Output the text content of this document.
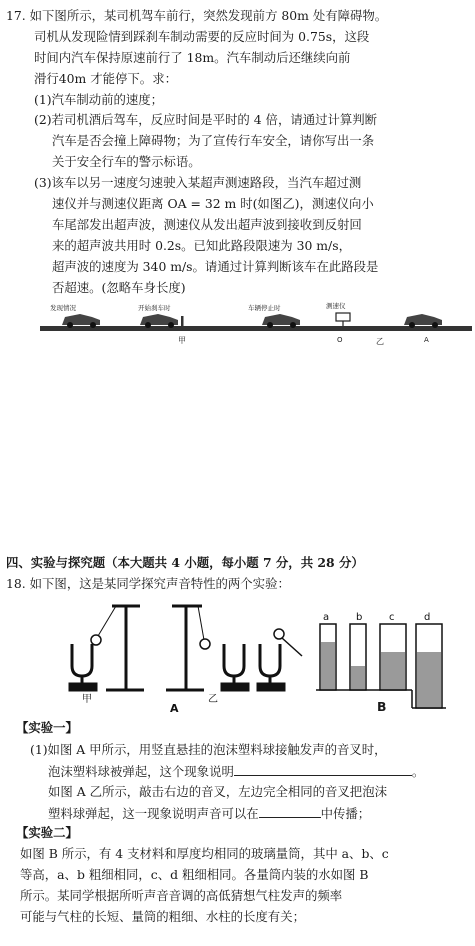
17. 如下图所示，某司机驾车前行，突然发现前方 80m 处有障碍物。
司机从发现险情到踩刹车制动需要的反应时间为 0.75s，这段
时间内汽车保持原速前行了 18m。汽车制动后还继续向前
滑行40m 才能停下。求：
(1)汽车制动前的速度；
(2)若司机酒后驾车，反应时间是平时的 4 倍，请通过计算判断
汽车是否会撞上障碍物；为了宣传行车安全，请你写出一条
关于安全行车的警示标语。
(3)该车以另一速度匀速驶入某超声测速路段，当汽车超过测
速仪并与测速仪距离 OA = 32 m 时(如图乙)，测速仪向小
车尾部发出超声波，测速仪从发出超声波到接收到反射回
来的超声波共用时 0.2s。已知此路段限速为 30 m/s，
超声波的速度为 340 m/s。请通过计算判断该车在此路段是
否超速。(忽略车身长度)
发现情况	开始刹车时	车辆停止时	测速仪
O	A
甲	乙
四、实验与探究题（本大题共 4 小题，每小题 7 分，共 28 分）
18. 如下图，这是某同学探究声音特性的两个实验：
甲	乙
A
a	b	c	d
B
【实验一】
(1)如图 A 甲所示，用竖直悬挂的泡沫塑料球接触发声的音叉时，
泡沫塑料球被弹起，这个现象说明	。
如图 A 乙所示，敲击右边的音叉，左边完全相同的音叉把泡沫
塑料球弹起，这一现象说明声音可以在	中传播；
【实验二】
如图 B 所示，有 4 支材料和厚度均相同的玻璃量筒，其中 a、b、c
等高，a、b 粗细相同，c、d 粗细相同。各量筒内装的水如图 B
所示。某同学根据所听声音音调的高低猜想气柱发声的频率
可能与气柱的长短、量筒的粗细、水柱的长度有关；
